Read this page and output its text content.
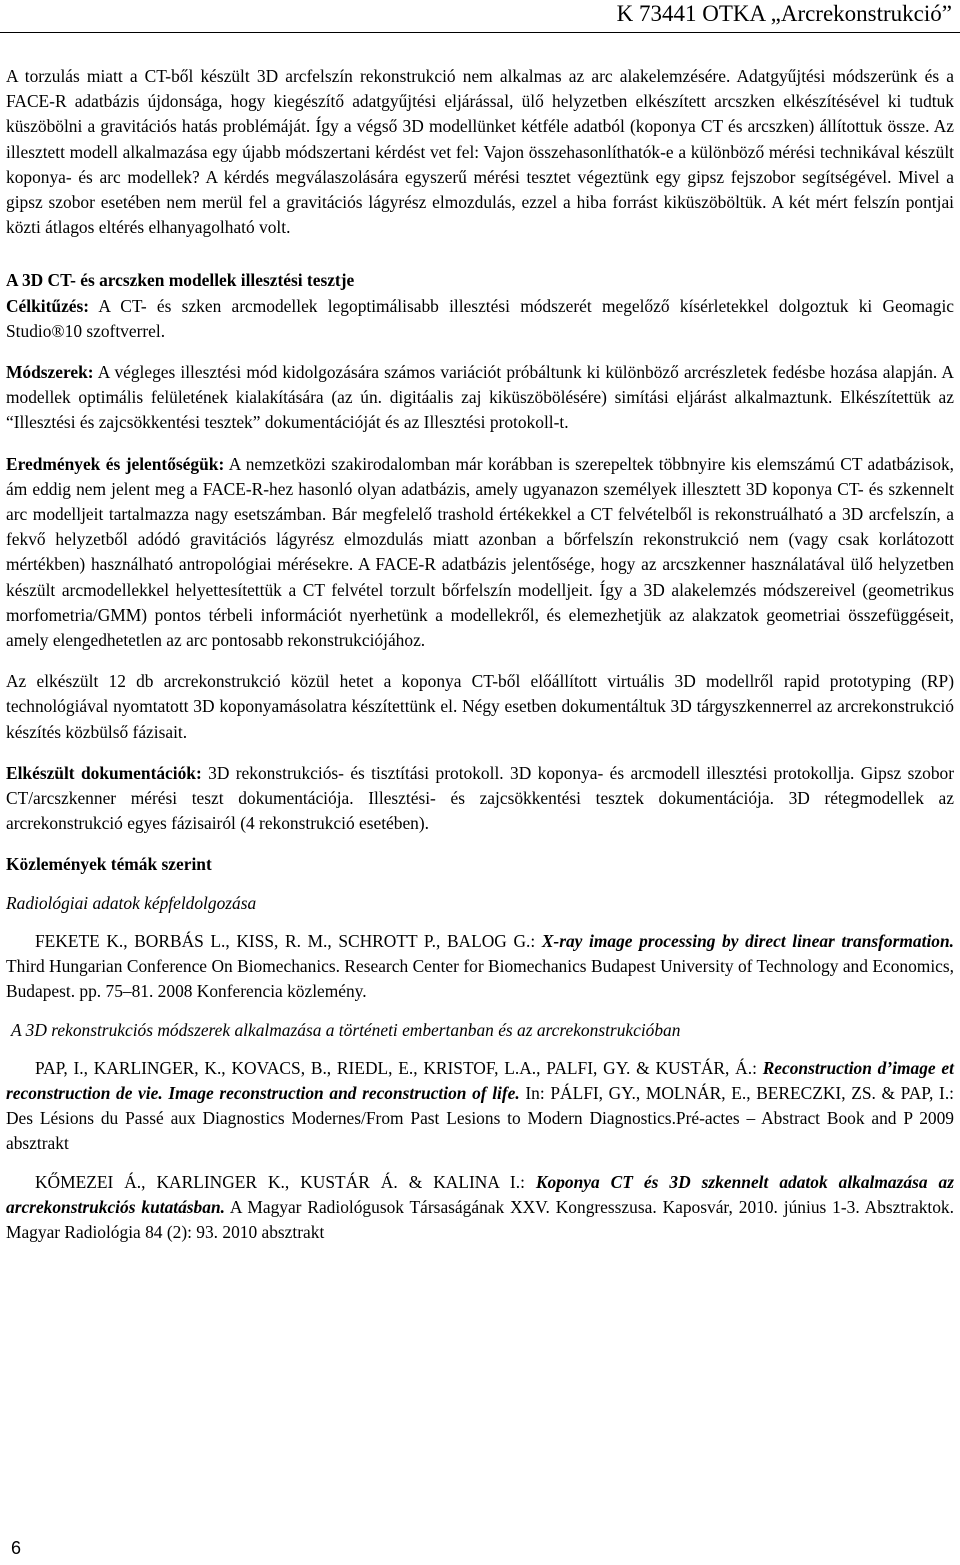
K 73441 OTKA „Arcrekonstrukció”

A torzulás miatt a CT-ből készült 3D arcfelszín rekonstrukció nem alkalmas az arc alakelemzésére. Adatgyűjtési módszerünk és a FACE-R adatbázis újdonsága, hogy kiegészítő adatgyűjtési eljárással, ülő helyzetben elkészített arcszken elkészítésével ki tudtuk küszöbölni a gravitációs hatás problémáját. Így a végső 3D modellünket kétféle adatból (koponya CT és arcszken) állítottuk össze. Az illesztett modell alkalmazása egy újabb módszertani kérdést vet fel: Vajon összehasonlíthatók-e a különböző mérési technikával készült koponya- és arc modellek? A kérdés megválaszolására egyszerű mérési tesztet végeztünk egy gipsz fejszobor segítségével. Mivel a gipsz szobor esetében nem merül fel a gravitációs lágyrész elmozdulás, ezzel a hiba forrást kiküszöböltük. A két mért felszín pontjai közti átlagos eltérés elhanyagolható volt.

A 3D CT- és arcszken modellek illesztési tesztje

Célkitűzés: A CT- és szken arcmodellek legoptimálisabb illesztési módszerét megelőző kísérletekkel dolgoztuk ki Geomagic Studio®10 szoftverrel.

Módszerek: A végleges illesztési mód kidolgozására számos variációt próbáltunk ki különböző arcrészletek fedésbe hozása alapján. A modellek optimális felületének kialakítására (az ún. digitáalis zaj kiküszöbölésére) simítási eljárást alkalmaztunk. Elkészítettük az “Illesztési és zajcsökkentési tesztek” dokumentációját és az Illesztési protokoll-t.

Eredmények és jelentőségük: A nemzetközi szakirodalomban már korábban is szerepeltek többnyire kis elemszámú CT adatbázisok, ám eddig nem jelent meg a FACE-R-hez hasonló olyan adatbázis, amely ugyanazon személyek illesztett 3D koponya CT- és szkennelt arc modelljeit tartalmazza nagy esetszámban. Bár megfelelő trashold értékekkel a CT felvételből is rekonstruálható a 3D arcfelszín, a fekvő helyzetből adódó gravitációs lágyrész elmozdulás miatt azonban a bőrfelszín rekonstrukció nem (vagy csak korlátozott mértékben) használható antropológiai mérésekre. A FACE-R adatbázis jelentősége, hogy az arcszkenner használatával ülő helyzetben készült arcmodellekkel helyettesítettük a CT felvétel torzult bőrfelszín modelljeit. Így a 3D alakelemzés módszereivel (geometrikus morfometria/GMM) pontos térbeli információt nyerhetünk a modellekről, és elemezhetjük az alakzatok geometriai összefüggéseit, amely elengedhetetlen az arc pontosabb rekonstrukciójához.

Az elkészült 12 db arcrekonstrukció közül hetet a koponya CT-ből előállított virtuális 3D modellről rapid prototyping (RP) technológiával nyomtatott 3D koponyamásolatra készítettünk el. Négy esetben dokumentáltuk 3D tárgyszkennerrel az arcrekonstrukció készítés közbülső fázisait.

Elkészült dokumentációk: 3D rekonstrukciós- és tisztítási protokoll. 3D koponya- és arcmodell illesztési protokollja. Gipsz szobor CT/arcszkenner mérési teszt dokumentációja. Illesztési- és zajcsökkentési tesztek dokumentációja. 3D rétegmodellek az arcrekonstrukció egyes fázisairól (4 rekonstrukció esetében).

Közlemények témák szerint

Radiológiai adatok képfeldolgozása

FEKETE K., BORBÁS L., KISS, R. M., SCHROTT P., BALOG G.: X-ray image processing by direct linear transformation. Third Hungarian Conference On Biomechanics. Research Center for Biomechanics Budapest University of Technology and Economics, Budapest. pp. 75–81. 2008 Konferencia közlemény.

A 3D rekonstrukciós módszerek alkalmazása a történeti embertanban és az arcrekonstrukcióban

PAP, I., KARLINGER, K., KOVACS, B., RIEDL, E., KRISTOF, L.A., PALFI, GY. & KUSTÁR, Á.: Reconstruction d’image et reconstruction de vie. Image reconstruction and reconstruction of life. In: PÁLFI, GY., MOLNÁR, E., BERECZKI, ZS. & PAP, I.: Des Lésions du Passé aux Diagnostics Modernes/From Past Lesions to Modern Diagnostics.Pré-actes – Abstract Book and P 2009 absztrakt

KŐMEZEI Á., KARLINGER K., KUSTÁR Á. & KALINA I.: Koponya CT és 3D szkennelt adatok alkalmazása az arcrekonstrukciós kutatásban. A Magyar Radiológusok Társaságának XXV. Kongresszusa. Kaposvár, 2010. június 1-3. Absztraktok. Magyar Radiológia 84 (2): 93. 2010 absztrakt

6
